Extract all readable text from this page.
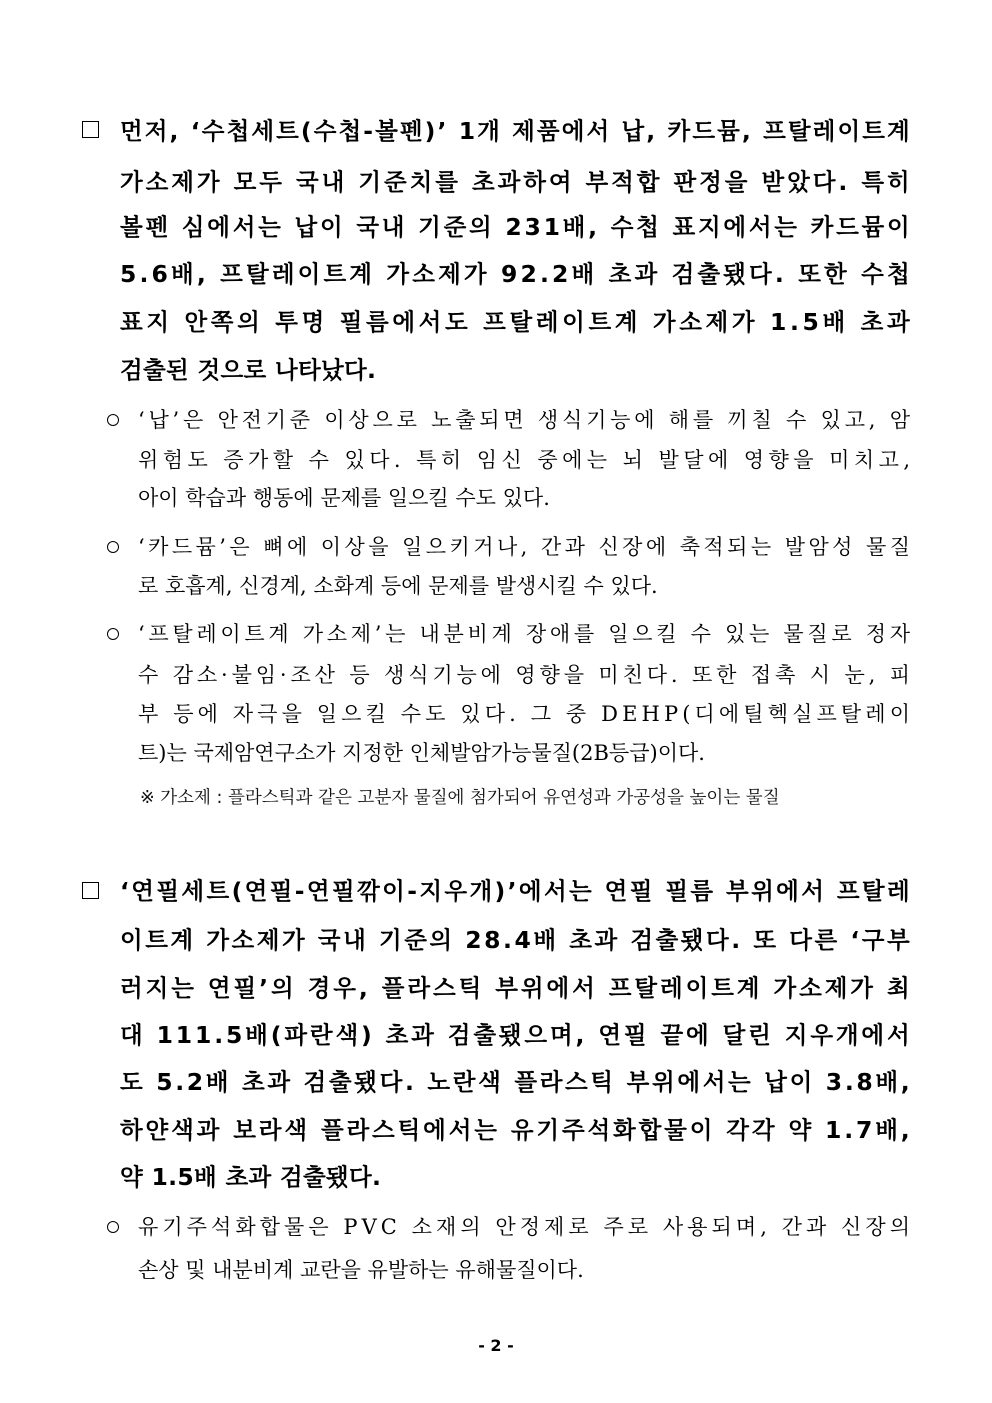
먼저, ‘수첩세트(수첩-볼펜)’ 1개 제품에서 납, 카드뮴, 프탈레이트계
가소제가 모두 국내 기준치를 초과하여 부적합 판정을 받았다. 특히
볼펜 심에서는 납이 국내 기준의 231배, 수첩 표지에서는 카드뮴이
5.6배, 프탈레이트계 가소제가 92.2배 초과 검출됐다. 또한 수첩
표지 안쪽의 투명 필름에서도 프탈레이트계 가소제가 1.5배 초과
검출된 것으로 나타났다.
‘납’은 안전기준 이상으로 노출되면 생식기능에 해를 끼칠 수 있고, 암
위험도 증가할 수 있다. 특히 임신 중에는 뇌 발달에 영향을 미치고,
아이 학습과 행동에 문제를 일으킬 수도 있다.
‘카드뮴’은 뼈에 이상을 일으키거나, 간과 신장에 축적되는 발암성 물질
로 호흡계, 신경계, 소화계 등에 문제를 발생시킬 수 있다.
‘프탈레이트계 가소제’는 내분비계 장애를 일으킬 수 있는 물질로 정자
수 감소·불임·조산 등 생식기능에 영향을 미친다. 또한 접촉 시 눈, 피
부 등에 자극을 일으킬 수도 있다. 그 중 DEHP(디에틸헥실프탈레이
트)는 국제암연구소가 지정한 인체발암가능물질(2B등급)이다.
※ 가소제 : 플라스틱과 같은 고분자 물질에 첨가되어 유연성과 가공성을 높이는 물질
‘연필세트(연필-연필깎이-지우개)’에서는 연필 필름 부위에서 프탈레
이트계 가소제가 국내 기준의 28.4배 초과 검출됐다. 또 다른 ‘구부
러지는 연필’의 경우, 플라스틱 부위에서 프탈레이트계 가소제가 최
대 111.5배(파란색) 초과 검출됐으며, 연필 끝에 달린 지우개에서
도 5.2배 초과 검출됐다. 노란색 플라스틱 부위에서는 납이 3.8배,
하얀색과 보라색 플라스틱에서는 유기주석화합물이 각각 약 1.7배,
약 1.5배 초과 검출됐다.
유기주석화합물은 PVC 소재의 안정제로 주로 사용되며, 간과 신장의
손상 및 내분비계 교란을 유발하는 유해물질이다.
- 2 -
